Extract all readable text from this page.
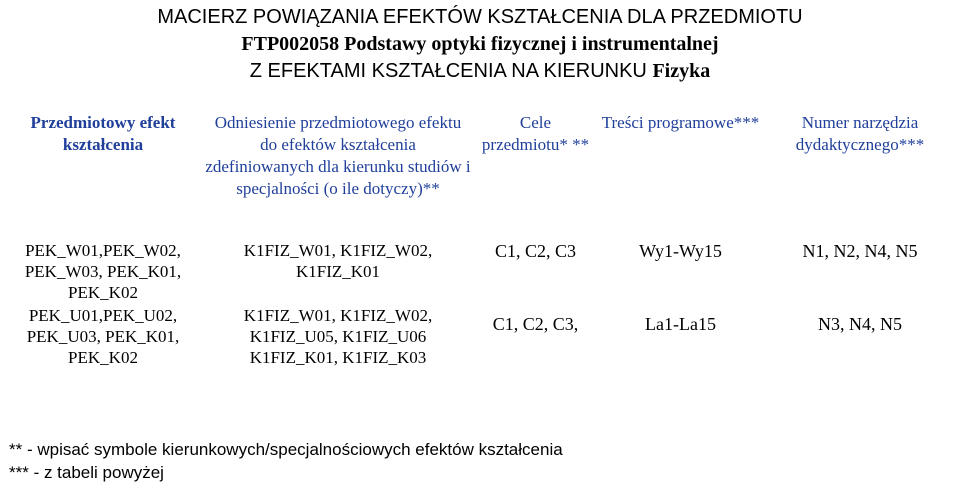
MACIERZ POWIĄZANIA EFEKTÓW KSZTAŁCENIA DLA PRZEDMIOTU
FTP002058 Podstawy optyki fizycznej i instrumentalnej
Z EFEKTAMI KSZTAŁCENIA NA KIERUNKU Fizyka
Przedmiotowy efekt kształcenia	Odniesienie przedmiotowego efektu do efektów kształcenia zdefiniowanych dla kierunku studiów i specjalności (o ile dotyczy)**	Cele przedmiotu* **	Treści programowe***	Numer narzędzia dydaktycznego***
PEK_W01,PEK_W02, PEK_W03, PEK_K01, PEK_K02	K1FIZ_W01, K1FIZ_W02, K1FIZ_K01	C1, C2, C3	Wy1-Wy15	N1, N2, N4, N5
PEK_U01,PEK_U02, PEK_U03, PEK_K01, PEK_K02	K1FIZ_W01, K1FIZ_W02, K1FIZ_U05, K1FIZ_U06 K1FIZ_K01, K1FIZ_K03	C1, C2, C3,	La1-La15	N3, N4, N5
** - wpisać symbole kierunkowych/specjalnościowych efektów kształcenia
*** - z tabeli powyżej
